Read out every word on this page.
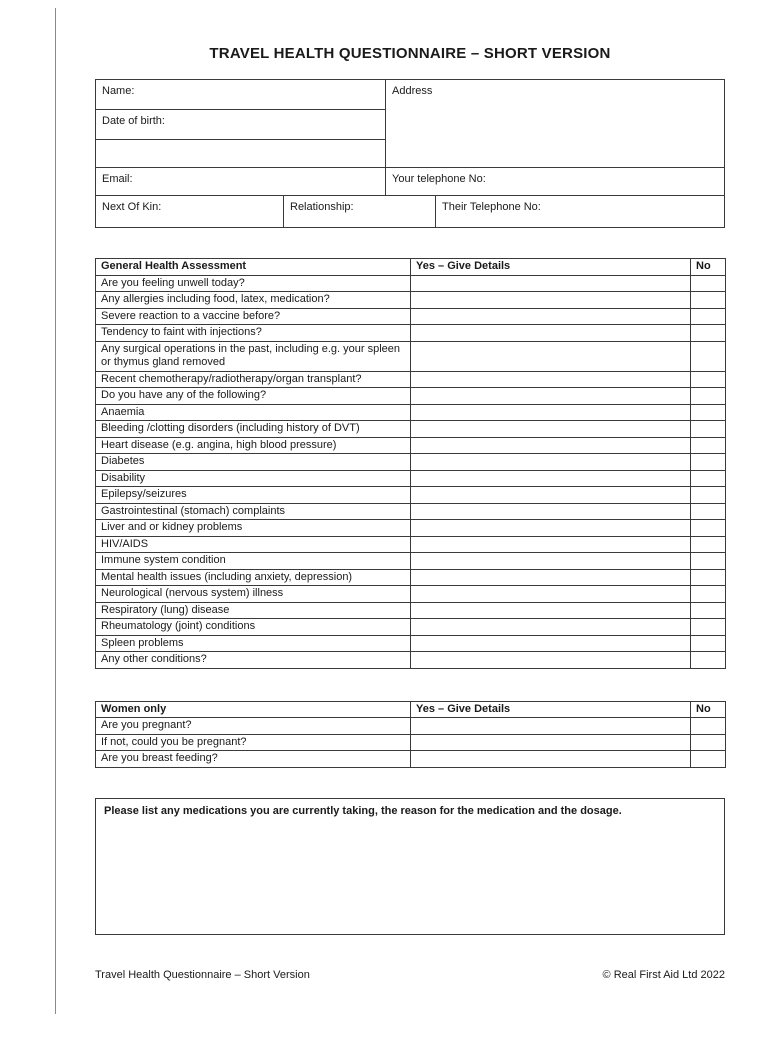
TRAVEL HEALTH QUESTIONNAIRE – SHORT VERSION
Name:
Date of birth:
Address
Email:	Your telephone No:
Next Of Kin:	Relationship:	Their Telephone No:
General Health Assessment	Yes – Give Details	No
Are you feeling unwell today?		
Any allergies including food, latex, medication?		
Severe reaction to a vaccine before?		
Tendency to faint with injections?		
Any surgical operations in the past, including e.g. your spleen or thymus gland removed		
Recent chemotherapy/radiotherapy/organ transplant?		
Do you have any of the following?		
Anaemia		
Bleeding /clotting disorders (including history of DVT)		
Heart disease (e.g. angina, high blood pressure)		
Diabetes		
Disability		
Epilepsy/seizures		
Gastrointestinal (stomach) complaints		
Liver and or kidney problems		
HIV/AIDS		
Immune system condition		
Mental health issues (including anxiety, depression)		
Neurological (nervous system) illness		
Respiratory (lung) disease		
Rheumatology (joint) conditions		
Spleen problems		
Any other conditions?		
Women only	Yes – Give Details	No
Are you pregnant?		
If not, could you be pregnant?		
Are you breast feeding?		
Please list any medications you are currently taking, the reason for the medication and the dosage.
Travel Health Questionnaire – Short Version	© Real First Aid Ltd 2022
